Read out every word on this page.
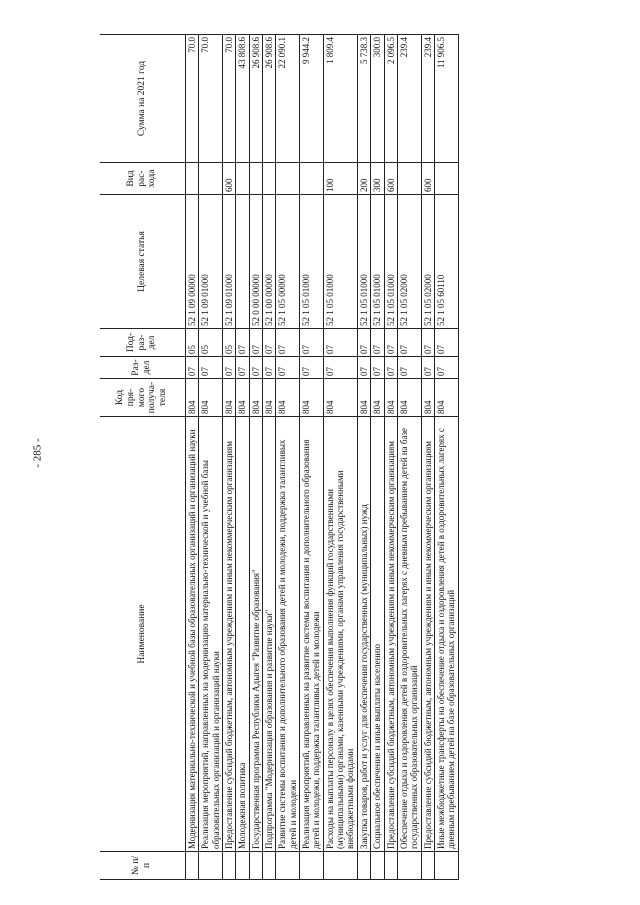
- 285 -
№ п/п	Наименование	Код пря- мого получа- теля	Раз- дел	Под- раз- дел	Целевая статья	Вид рас- хода	Сумма на 2021 год
	Модернизация материально-технической и учебной базы образовательных организаций и организаций науки	804	07	05	52 1 09 00000		70.0
	Реализация мероприятий, направленных на модернизацию материально-технической и учебной базы образовательных организаций и организаций науки	804	07	05	52 1 09 01000		70.0
	Предоставление субсидий бюджетным, автономным учреждениям и иным некоммерческим организациям	804	07	05	52 1 09 01000	600	70.0
	Молодежная политика	804	07	07			43 808.6
	Государственная программа Республики Адыгея "Развитие образования"	804	07	07	52 0 00 00000		26 908.6
	Подпрограмма "Модернизация образования и развитие науки"	804	07	07	52 1 00 00000		26 908.6
	Развитие системы воспитания и дополнительного образования детей и молодежи, поддержка талантливых детей и молодежи	804	07	07	52 1 05 00000		22 090.1
	Реализация мероприятий, направленных на развитие системы воспитания и дополнительного образования детей и молодежи, поддержка талантливых детей и молодежи	804	07	07	52 1 05 01000		9 944.2
	Расходы на выплаты персоналу в целях обеспечения выполнения функций государственными (муниципальными) органами, казенными учреждениями, органами управления государственными внебюджетными фондами	804	07	07	52 1 05 01000	100	1 809.4
	Закупка товаров, работ и услуг для обеспечения государственных (муниципальных) нужд	804	07	07	52 1 05 01000	200	5 738.3
	Социальное обеспечение и иные выплаты населению	804	07	07	52 1 05 01000	300	300.0
	Предоставление субсидий бюджетным, автономным учреждениям и иным некоммерческим организациям	804	07	07	52 1 05 01000	600	2 096.5
	Обеспечение отдыха и оздоровления детей в оздоровительных лагерях с дневным пребыванием детей на базе государственных образовательных организаций	804	07	07	52 1 05 02000		239.4
	Предоставление субсидий бюджетным, автономным учреждениям и иным некоммерческим организациям	804	07	07	52 1 05 02000	600	239.4
	Иные межбюджетные трансферты на обеспечение отдыха и оздоровления детей в оздоровительных лагерях с дневным пребыванием детей на базе образовательных организаций	804	07	07	52 1 05 60110		11 906.5
